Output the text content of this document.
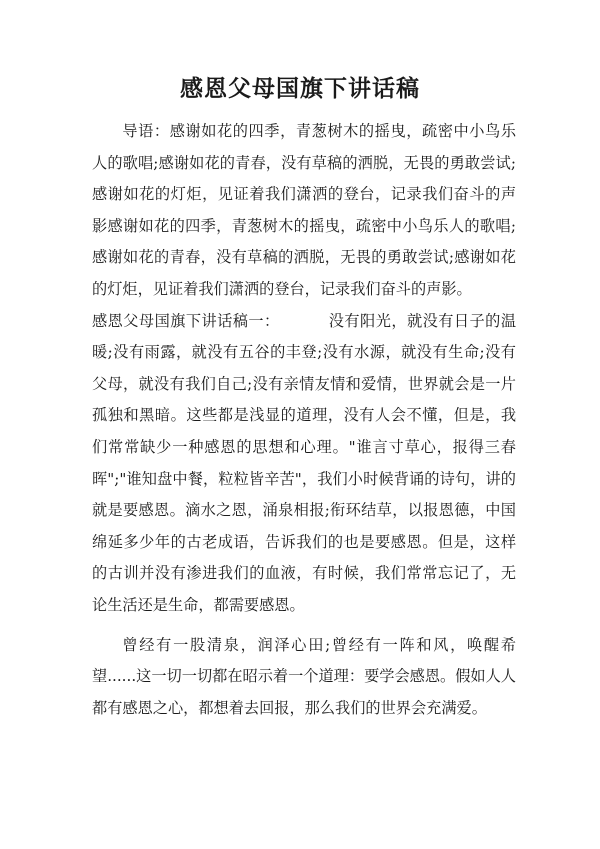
感恩父母国旗下讲话稿

导语：感谢如花的四季，青葱树木的摇曳，疏密中小鸟乐人的歌唱;感谢如花的青春，没有草稿的洒脱，无畏的勇敢尝试;感谢如花的灯炬，见证着我们潇洒的登台，记录我们奋斗的声影感谢如花的四季，青葱树木的摇曳，疏密中小鸟乐人的歌唱;感谢如花的青春，没有草稿的洒脱，无畏的勇敢尝试;感谢如花的灯炬，见证着我们潇洒的登台，记录我们奋斗的声影。

感恩父母国旗下讲话稿一：	没有阳光，就没有日子的温暖;没有雨露，就没有五谷的丰登;没有水源，就没有生命;没有父母，就没有我们自己;没有亲情友情和爱情，世界就会是一片孤独和黑暗。这些都是浅显的道理，没有人会不懂，但是，我们常常缺少一种感恩的思想和心理。"谁言寸草心，报得三春晖";"谁知盘中餐，粒粒皆辛苦"，我们小时候背诵的诗句，讲的就是要感恩。滴水之恩，涌泉相报;衔环结草，以报恩德，中国绵延多少年的古老成语，告诉我们的也是要感恩。但是，这样的古训并没有渗进我们的血液，有时候，我们常常忘记了，无论生活还是生命，都需要感恩。

曾经有一股清泉，润泽心田;曾经有一阵和风，唤醒希望......这一切一切都在昭示着一个道理：要学会感恩。假如人人都有感恩之心，都想着去回报，那么我们的世界会充满爱。
